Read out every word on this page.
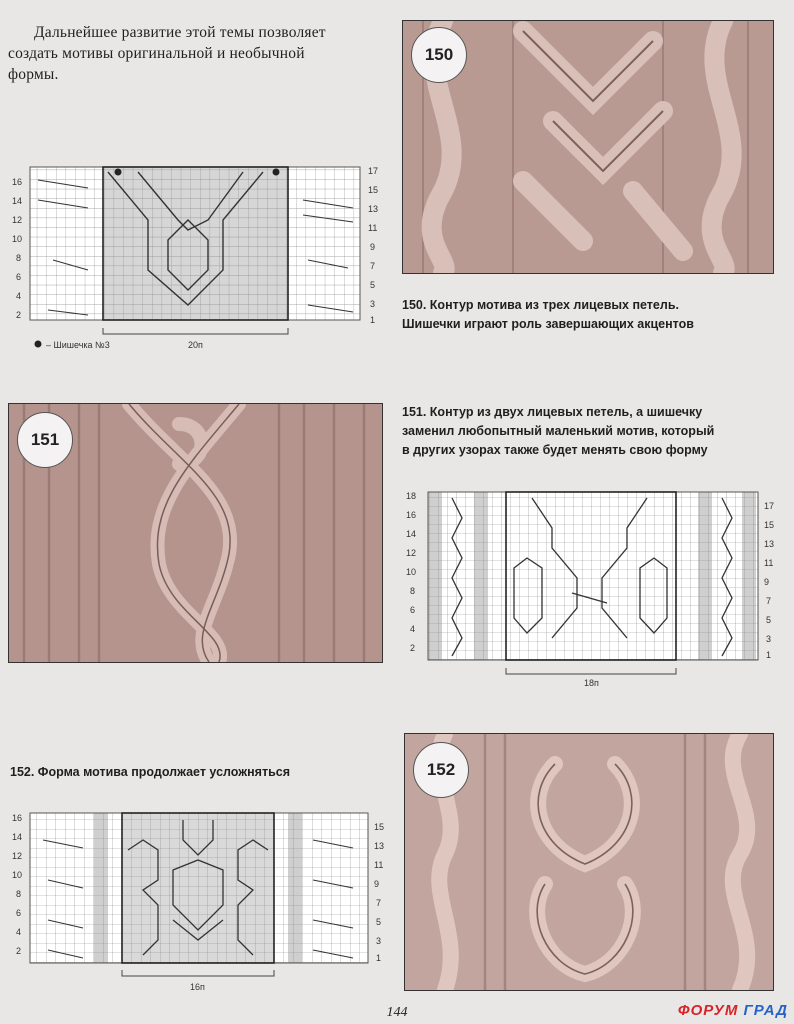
Дальнейшее развитие этой темы позволяет
создать мотивы оригинальной и необычной
формы.
150
16
14
12
10
8
6
4
2
17
15
13
11
9
7
5
3
1
20п
– Шишечка №3
150. Контур мотива из трех лицевых петель.
Шишечки играют роль завершающих акцентов
151
151. Контур из двух лицевых петель, а шишечку
заменил любопытный маленький мотив, который
в других узорах также будет менять свою форму
18
16
14
12
10
8
6
4
2
17
15
13
11
9
7
5
3
1
18п
152. Форма мотива продолжает усложняться
16
14
12
10
8
6
4
2
15
13
11
9
7
5
3
1
16п
152
144	ФОРУМ ГРАД
